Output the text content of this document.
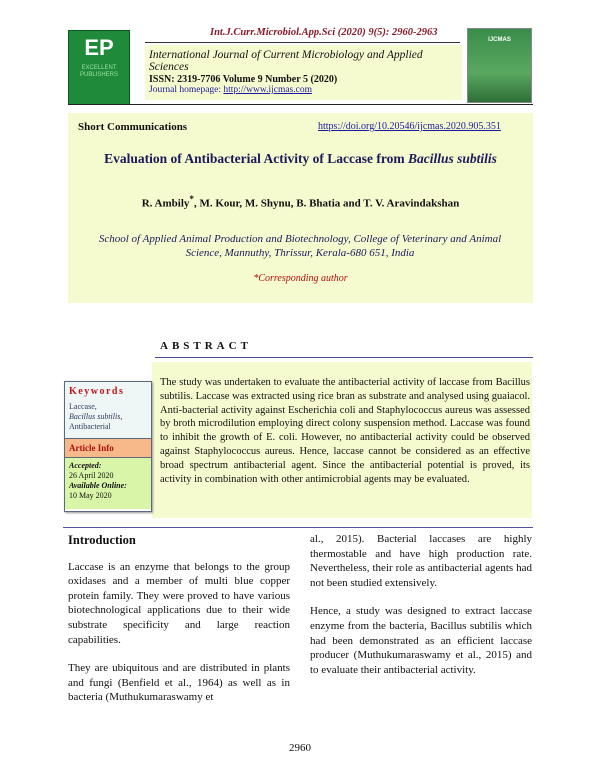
EP
EXCELLENT PUBLISHERS
Int.J.Curr.Microbiol.App.Sci (2020) 9(5): 2960-2963
International Journal of Current Microbiology and Applied Sciences
ISSN: 2319-7706 Volume 9 Number 5 (2020)
Journal homepage: http://www.ijcmas.com
IJCMAS
Short Communications	https://doi.org/10.20546/ijcmas.2020.905.351
Evaluation of Antibacterial Activity of Laccase from Bacillus subtilis
R. Ambily*, M. Kour, M. Shynu, B. Bhatia and T. V. Aravindakshan
School of Applied Animal Production and Biotechnology, College of Veterinary and Animal Science, Mannuthy, Thrissur, Kerala-680 651, India
*Corresponding author
ABSTRACT
The study was undertaken to evaluate the antibacterial activity of laccase from Bacillus subtilis. Laccase was extracted using rice bran as substrate and analysed using guaiacol. Anti-bacterial activity against Escherichia coli and Staphylococcus aureus was assessed by broth microdilution employing direct colony suspension method. Laccase was found to inhibit the growth of E. coli. However, no antibacterial activity could be observed against Staphylococcus aureus. Hence, laccase cannot be considered as an effective broad spectrum antibacterial agent. Since the antibacterial potential is proved, its activity in combination with other antimicrobial agents may be evaluated.
Keywords
Laccase,
Bacillus subtilis,
Antibacterial
Article Info
Accepted:
26 April 2020
Available Online:
10 May 2020
Introduction

Laccase is an enzyme that belongs to the group oxidases and a member of multi blue copper protein family. They were proved to have various biotechnological applications due to their wide substrate specificity and large reaction capabilities.

They are ubiquitous and are distributed in plants and fungi (Benfield et al., 1964) as well as in bacteria (Muthukumaraswamy et

al., 2015). Bacterial laccases are highly thermostable and have high production rate. Nevertheless, their role as antibacterial agents had not been studied extensively.

Hence, a study was designed to extract laccase enzyme from the bacteria, Bacillus subtilis which had been demonstrated as an efficient laccase producer (Muthukumaraswamy et al., 2015) and to evaluate their antibacterial activity.

2960
